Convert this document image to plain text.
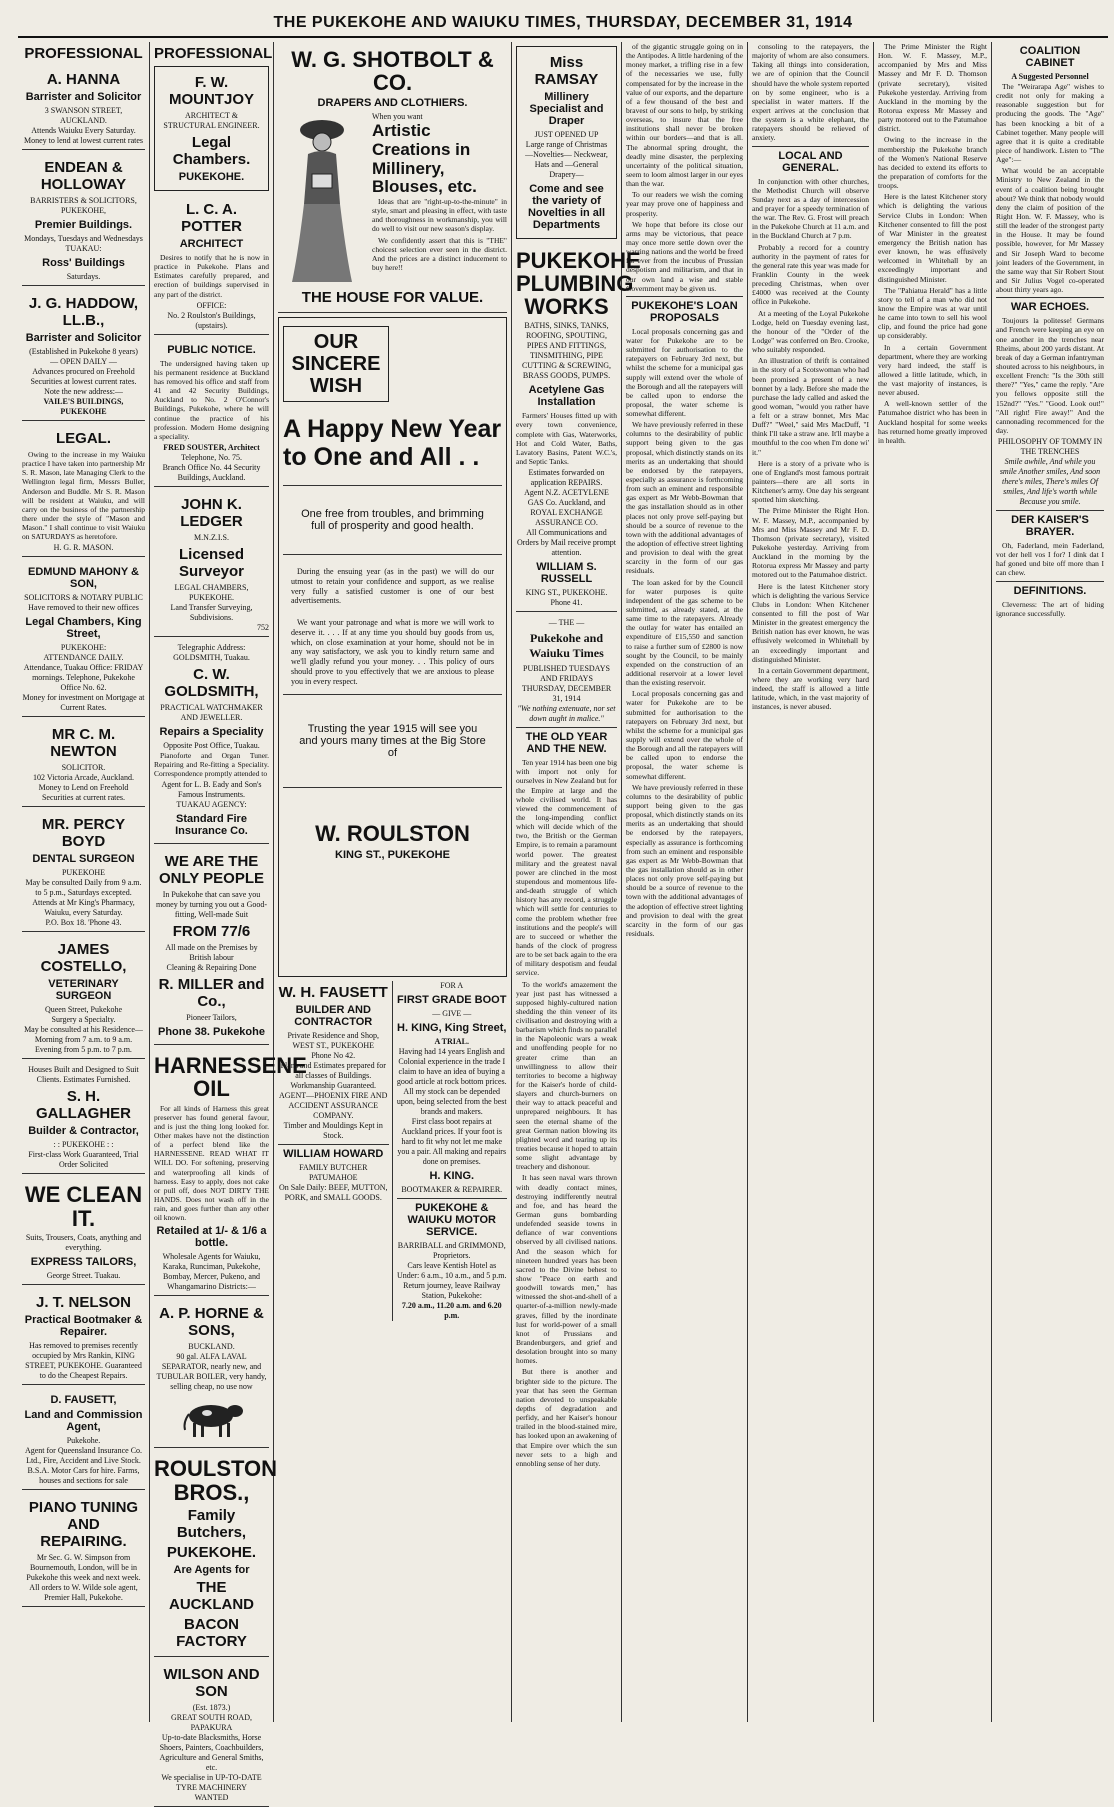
THE PUKEKOHE AND WAIUKU TIMES, THURSDAY, DECEMBER 31, 1914
PROFESSIONAL
A. HANNA
Barrister and Solicitor
3 SWANSON STREET, AUCKLAND.
Attends Waiuku Every Saturday. Money to lend at lowest current rates
ENDEAN & HOLLOWAY
BARRISTERS & SOLICITORS,
PUKEKOHE,
Premier Buildings.
Mondays, Tuesdays and Wednesdays
TUAKAU:
Ross' Buildings
Saturdays.
J. G. HADDOW, LL.B.,
Barrister and Solicitor
(Established in Pukekohe 8 years)
— OPEN DAILY —
Advances procured on Freehold Securities at lowest current rates.
Note the new address:—
VAILE'S BUILDINGS, PUKEKOHE
LEGAL.

Owing to the increase in my Waiuku practice I have taken into partnership Mr S. R. Mason, late Managing Clerk to the Wellington legal firm, Messrs Buller, Anderson and Buddle. Mr S. R. Mason will be resident at Waiuku, and will carry on the business of the partnership there under the style of "Mason and Mason." I shall continue to visit Waiuku on SATURDAYS as heretofore.

H. G. R. MASON.
EDMUND MAHONY & SON,
SOLICITORS & NOTARY PUBLIC
Have removed to their new offices
Legal Chambers, King Street,
PUKEKOHE:
ATTENDANCE DAILY.
Attendance, Tuakau Office: FRIDAY mornings. Telephone, Pukekohe Office No. 62.
Money for investment on Mortgage at Current Rates.
MR C. M. NEWTON
SOLICITOR.
102 Victoria Arcade, Auckland.
Money to Lend on Freehold Securities at current rates.
MR. PERCY BOYD
DENTAL SURGEON
PUKEKOHE
May be consulted Daily from 9 a.m. to 5 p.m., Saturdays excepted.
Attends at Mr King's Pharmacy, Waiuku, every Saturday.
P.O. Box 18. 'Phone 43.
JAMES COSTELLO,
VETERINARY SURGEON
Queen Street, Pukekohe
Surgery a Specialty.
May be consulted at his Residence—Morning from 7 a.m. to 9 a.m. Evening from 5 p.m. to 7 p.m.
Houses Built and Designed to Suit Clients. Estimates Furnished.
S. H. GALLAGHER
Builder & Contractor,
: : PUKEKOHE : :
First-class Work Guaranteed, Trial Order Solicited
WE CLEAN IT.
Suits, Trousers, Coats, anything and everything.
EXPRESS TAILORS,
George Street. Tuakau.
J. T. NELSON
Practical Bootmaker & Repairer.
Has removed to premises recently occupied by Mrs Rankin, KING STREET, PUKEKOHE. Guaranteed to do the Cheapest Repairs.
D. FAUSETT,
Land and Commission Agent,
Pukekohe.
Agent for Queensland Insurance Co. Ltd., Fire, Accident and Live Stock. B.S.A. Motor Cars for hire. Farms, houses and sections for sale
PIANO TUNING AND REPAIRING.
Mr Sec. G. W. Simpson from Bournemouth, London, will be in Pukekohe this week and next week. All orders to W. Wilde sole agent, Premier Hall, Pukekohe.
PROFESSIONAL
F. W. MOUNTJOY
ARCHITECT & STRUCTURAL ENGINEER.
Legal Chambers.
PUKEKOHE.
L. C. A. POTTER
ARCHITECT

Desires to notify that he is now in practice in Pukekohe. Plans and Estimates carefully prepared, and erection of buildings supervised in any part of the district.

OFFICE:
No. 2 Roulston's Buildings, (upstairs).
PUBLIC NOTICE.

The undersigned having taken up his permanent residence at Buckland has removed his office and staff from 41 and 42 Security Buildings, Auckland to No. 2 O'Connor's Buildings, Pukekohe, where he will continue the practice of his profession. Modern Home designing a speciality.

FRED SOUSTER, Architect
Telephone, No. 75.
Branch Office No. 44 Security Buildings, Auckland.
JOHN K. LEDGER
M.N.Z.I.S.
Licensed Surveyor
LEGAL CHAMBERS,
PUKEKOHE.
Land Transfer Surveying, Subdivisions.
752
Telegraphic Address: GOLDSMITH, Tuakau.
C. W. GOLDSMITH,
PRACTICAL WATCHMAKER AND JEWELLER.
Repairs a Speciality
Opposite Post Office, Tuakau.

Pianoforte and Organ Tuner. Repairing and Re-fitting a Speciality. Correspondence promptly attended to

Agent for L. B. Eady and Son's Famous Instruments.
TUAKAU AGENCY:
Standard Fire Insurance Co.
WE ARE THE ONLY PEOPLE
In Pukekohe that can save you money by turning you out a Good-fitting, Well-made Suit
FROM 77/6
All made on the Premises by British labour
Cleaning & Repairing Done
R. MILLER and Co.,
Pioneer Tailors,
Phone 38. Pukekohe
HARNESSENE OIL

For all kinds of Harness this great preserver has found general favour, and is just the thing long looked for. Other makes have not the distinction of a perfect blend like the HARNESSENE. READ WHAT IT WILL DO. For softening, preserving and waterproofing all kinds of harness. Easy to apply, does not cake or pull off, does NOT DIRTY THE HANDS. Does not wash off in the rain, and goes further than any other oil known.

Retailed at 1/- & 1/6 a bottle.
Wholesale Agents for Waiuku, Karaka, Runciman, Pukekohe, Bombay, Mercer, Pukeno, and Whangamarino Districts:—
A. P. HORNE & SONS,
BUCKLAND.
90 gal. ALFA LAVAL SEPARATOR, nearly new, and TUBULAR BOILER, very handy, selling cheap, no use now
ROULSTON BROS.,
Family Butchers,
PUKEKOHE.
Are Agents for
THE AUCKLAND
BACON FACTORY
WILSON AND SON
(Est. 1873.)
GREAT SOUTH ROAD, PAPAKURA
Up-to-date Blacksmiths, Horse Shoers, Painters, Coachbuilders, Agriculture and General Smiths, etc.
We specialise in UP-TO-DATE TYRE MACHINERY
WANTED
W. G. SHOTBOLT & CO.
DRAPERS AND CLOTHIERS.
When you want
Artistic Creations in Millinery, Blouses, etc.

Ideas that are "right-up-to-the-minute" in style, smart and pleasing in effect, with taste and thoroughness in workmanship, you will do well to visit our new season's display.

We confidently assert that this is "THE" choicest selection ever seen in the district. And the prices are a distinct inducement to buy here!!

THE HOUSE FOR VALUE.
OUR SINCERE WISH
A Happy New Year to One and All . .
One free from troubles, and brimming full of prosperity and good health.

During the ensuing year (as in the past) we will do our utmost to retain your confidence and support, as we realise very fully a satisfied customer is one of our best advertisements.

We want your patronage and what is more we will work to deserve it. . . . If at any time you should buy goods from us, which, on close examination at your home, should not be in any way satisfactory, we ask you to kindly return same and we'll gladly refund you your money. . . This policy of ours should prove to you effectively that we are anxious to please you in every respect.

Trusting the year 1915 will see you and yours many times at the Big Store of
W. ROULSTON
KING ST., PUKEKOHE
W. H. FAUSETT
BUILDER AND CONTRACTOR
Private Residence and Shop, WEST ST., PUKEKOHE
Phone No 42.
Plans and Estimates prepared for all classes of Buildings. Workmanship Guaranteed.
AGENT—PHOENIX FIRE AND ACCIDENT ASSURANCE COMPANY.
Timber and Mouldings Kept in Stock.
WILLIAM HOWARD
FAMILY BUTCHER
PATUMAHOE
On Sale Daily: BEEF, MUTTON, PORK, and SMALL GOODS.
FOR A
FIRST GRADE BOOT
— GIVE —
H. KING, King Street,
A TRIAL.
Having had 14 years English and Colonial experience in the trade I claim to have an idea of buying a good article at rock bottom prices.
All my stock can be depended upon, being selected from the best brands and makers.
First class boot repairs at Auckland prices. If your foot is hard to fit why not let me make you a pair. All making and repairs done on premises.
H. KING.
BOOTMAKER & REPAIRER.
PUKEKOHE & WAIUKU MOTOR SERVICE.
BARRIBALL and GRIMMOND, Proprietors.
Cars leave Kentish Hotel as Under: 6 a.m., 10 a.m., and 5 p.m.
Return journey, leave Railway Station, Pukekohe:
7.20 a.m., 11.20 a.m. and 6.20 p.m.
Miss RAMSAY
Millinery Specialist and Draper
JUST OPENED UP
Large range of Christmas —Novelties— Neckwear, Hats and —General Drapery—
Come and see the variety of Novelties in all Departments
PUKEKOHE PLUMBING WORKS
BATHS, SINKS, TANKS, ROOFING, SPOUTING, PIPES AND FITTINGS, TINSMITHING, PIPE CUTTING & SCREWING, BRASS GOODS, PUMPS.
Acetylene Gas Installation

Farmers' Houses fitted up with every town convenience, complete with Gas, Waterworks, Hot and Cold Water, Baths, Lavatory Basins, Patent W.C.'s, and Septic Tanks.

Estimates forwarded on application REPAIRS.
Agent N.Z. ACETYLENE GAS Co. Auckland, and ROYAL EXCHANGE ASSURANCE CO.
All Communications and Orders by Mail receive prompt attention.
WILLIAM S. RUSSELL
KING ST., PUKEKOHE.
Phone 41.
— THE —
Pukekohe and Waiuku Times
PUBLISHED TUESDAYS AND FRIDAYS
THURSDAY, DECEMBER 31, 1914
"We nothing extenuate, nor set down aught in malice."
THE OLD YEAR AND THE NEW.

Ten year 1914 has been one big with import not only for ourselves in New Zealand but for the Empire at large and the whole civilised world. It has viewed the commencement of the long-impending conflict which will decide which of the two, the British or the German Empire, is to remain a paramount world power. The greatest military and the greatest naval power are clinched in the most stupendous and momentous life-and-death struggle of which history has any record, a struggle which will settle for centuries to come the problem whether free institutions and the people's will are to succeed or whether the hands of the clock of progress are to be set back again to the era of military despotism and feudal service.

To the world's amazement the year just past has witnessed a supposed highly-cultured nation shedding the thin veneer of its civilisation and destroying with a barbarism which finds no parallel in the Napoleonic wars a weak and unoffending people for no greater crime than an unwillingness to allow their territories to become a highway for the Kaiser's horde of child-slayers and church-burners on their way to attack peaceful and unprepared neighbours. It has seen the eternal shame of the great German nation blowing its plighted word and tearing up its treaties because it hoped to attain some slight advantage by treachery and dishonour.

It has seen naval wars thrown with deadly contact mines, destroying indifferently neutral and foe, and has heard the German guns bombarding undefended seaside towns in defiance of war conventions observed by all civilised nations. And the season which for nineteen hundred years has been sacred to the Divine behest to show "Peace on earth and goodwill towards men," has witnessed the shot-and-shell of a quarter-of-a-million newly-made graves, filled by the inordinate lust for world-power of a small knot of Prussians and Brandenburgers, and grief and desolation brought into so many homes.

But there is another and brighter side to the picture. The year that has seen the German nation devoted to unspeakable depths of degradation and perfidy, and her Kaiser's honour trailed in the blood-stained mire, has looked upon an awakening of that Empire over which the sun never sets to a high and ennobling sense of her duty.

of the gigantic struggle going on in the Antipodes. A little hardening of the money market, a trifling rise in a few of the necessaries we use, fully compensated for by the increase in the value of our exports, and the departure of a few thousand of the best and bravest of our sons to help, by striking overseas, to insure that the free institutions shall never be broken within our borders—and that is all. The abnormal spring drought, the deadly mine disaster, the perplexing uncertainty of the political situation, seem to loom almost larger in our eyes than the war.

To our readers we wish the coming year may prove one of happiness and prosperity.

We hope that before its close our arms may be victorious, that peace may once more settle down over the warring nations and the world be freed for ever from the incubus of Prussian despotism and militarism, and that in our own land a wise and stable Government may be given us.

PUKEKOHE'S LOAN PROPOSALS

Local proposals concerning gas and water for Pukekohe are to be submitted for authorisation to the ratepayers on February 3rd next, but whilst the scheme for a municipal gas supply will extend over the whole of the Borough and all the ratepayers will be called upon to endorse the proposal, the water scheme is somewhat different.

We have previously referred in these columns to the desirability of public support being given to the gas proposal, which distinctly stands on its merits as an undertaking that should be endorsed by the ratepayers, especially as assurance is forthcoming from such an eminent and responsible gas expert as Mr Webb-Bowman that the gas installation should as in other places not only prove self-paying but should be a source of revenue to the town with the additional advantages of the adoption of effective street lighting and provision to deal with the great scarcity in the form of our gas residuals.

The loan asked for by the Council for water purposes is quite independent of the gas scheme to be submitted, as already stated, at the same time to the ratepayers. Already the outlay for water has entailed an expenditure of £15,550 and sanction to raise a further sum of £2800 is now sought by the Council, to be mainly expended on the construction of an additional reservoir at a lower level than the existing reservoir.

Local proposals concerning gas and water for Pukekohe are to be submitted for authorisation to the ratepayers on February 3rd next, but whilst the scheme for a municipal gas supply will extend over the whole of the Borough and all the ratepayers will be called upon to endorse the proposal, the water scheme is somewhat different.

We have previously referred in these columns to the desirability of public support being given to the gas proposal, which distinctly stands on its merits as an undertaking that should be endorsed by the ratepayers, especially as assurance is forthcoming from such an eminent and responsible gas expert as Mr Webb-Bowman that the gas installation should as in other places not only prove self-paying but should be a source of revenue to the town with the additional advantages of the adoption of effective street lighting and provision to deal with the great scarcity in the form of our gas residuals.

consoling to the ratepayers, the majority of whom are also consumers. Taking all things into consideration, we are of opinion that the Council should have the whole system reported on by some engineer, who is a specialist in water matters. If the expert arrives at the conclusion that the system is a white elephant, the ratepayers should be relieved of anxiety.

LOCAL AND GENERAL.

In conjunction with other churches, the Methodist Church will observe Sunday next as a day of intercession and prayer for a speedy termination of the war. The Rev. G. Frost will preach in the Pukekohe Church at 11 a.m. and in the Buckland Church at 7 p.m.

Probably a record for a country authority in the payment of rates for the general rate this year was made for Franklin County in the week preceding Christmas, when over £4000 was received at the County office in Pukekohe.

At a meeting of the Loyal Pukekohe Lodge, held on Tuesday evening last, the honour of the "Order of the Lodge" was conferred on Bro. Crooke, who suitably responded.

An illustration of thrift is contained in the story of a Scotswoman who had been promised a present of a new bonnet by a lady. Before she made the purchase the lady called and asked the good woman, "would you rather have a felt or a straw bonnet, Mrs Mac Duff?" "Weel," said Mrs MacDuff, "I think I'll take a straw ane. It'll maybe a mouthful to the coo when I'm done wi' it."

Here is a story of a private who is one of England's most famous portrait painters—there are all sorts in Kitchener's army. One day his sergeant spotted him sketching.

The Prime Minister the Right Hon. W. F. Massey, M.P., accompanied by Mrs and Miss Massey and Mr F. D. Thomson (private secretary), visited Pukekohe yesterday. Arriving from Auckland in the morning by the Rotorua express Mr Massey and party motored out to the Patumahoe district.

Here is the latest Kitchener story which is delighting the various Service Clubs in London: When Kitchener consented to fill the post of War Minister in the greatest emergency the British nation has ever known, he was effusively welcomed in Whitehall by an exceedingly important and distinguished Minister.

In a certain Government department, where they are working very hard indeed, the staff is allowed a little latitude, which, in the vast majority of instances, is never abused.

The Prime Minister the Right Hon. W. F. Massey, M.P., accompanied by Mrs and Miss Massey and Mr F. D. Thomson (private secretary), visited Pukekohe yesterday. Arriving from Auckland in the morning by the Rotorua express Mr Massey and party motored out to the Patumahoe district.

Owing to the increase in the membership the Pukekohe branch of the Women's National Reserve has decided to extend its efforts to the preparation of comforts for the troops.

Here is the latest Kitchener story which is delighting the various Service Clubs in London: When Kitchener consented to fill the post of War Minister in the greatest emergency the British nation has ever known, he was effusively welcomed in Whitehall by an exceedingly important and distinguished Minister.

The "Pahiatua Herald" has a little story to tell of a man who did not know the Empire was at war until he came into town to sell his wool clip, and found the price had gone up considerably.

In a certain Government department, where they are working very hard indeed, the staff is allowed a little latitude, which, in the vast majority of instances, is never abused.

A well-known settler of the Patumahoe district who has been in Auckland hospital for some weeks has returned home greatly improved in health.

COALITION CABINET
A Suggested Personnel

The "Weirarapa Age" wishes to credit not only for making a reasonable suggestion but for producing the goods. The "Age" has been knocking a bit of a Cabinet together. Many people will agree that it is quite a creditable piece of handiwork. Listen to "The Age":—

What would be an acceptable Ministry to New Zealand in the event of a coalition being brought about? We think that nobody would deny the claim of position of the Right Hon. W. F. Massey, who is still the leader of the strongest party in the House. It may be found possible, however, for Mr Massey and Sir Joseph Ward to become joint leaders of the Government, in the same way that Sir Robert Stout and Sir Julius Vogel co-operated about thirty years ago.

WAR ECHOES.

Toujours la politesse! Germans and French were keeping an eye on one another in the trenches near Rheims, about 200 yards distant. At break of day a German infantryman shouted across to his neighbours, in excellent French: "Is the 30th still there?" "Yes," came the reply. "Are you fellows opposite still the 152nd?" "Yes." "Good. Look out!" "All right! Fire away!" And the cannonading recommenced for the day.

PHILOSOPHY OF TOMMY IN THE TRENCHES
Smile awhile, And while you smile Another smiles, And soon there's miles, There's miles Of smiles, And life's worth while Because you smile.
DER KAISER'S BRAYER.

Oh, Faderland, mein Faderland, vot der hell vos I for? I dink dat I haf goned und bite off more than I can chew.

DEFINITIONS.

Cleverness: The art of hiding ignorance successfully.
